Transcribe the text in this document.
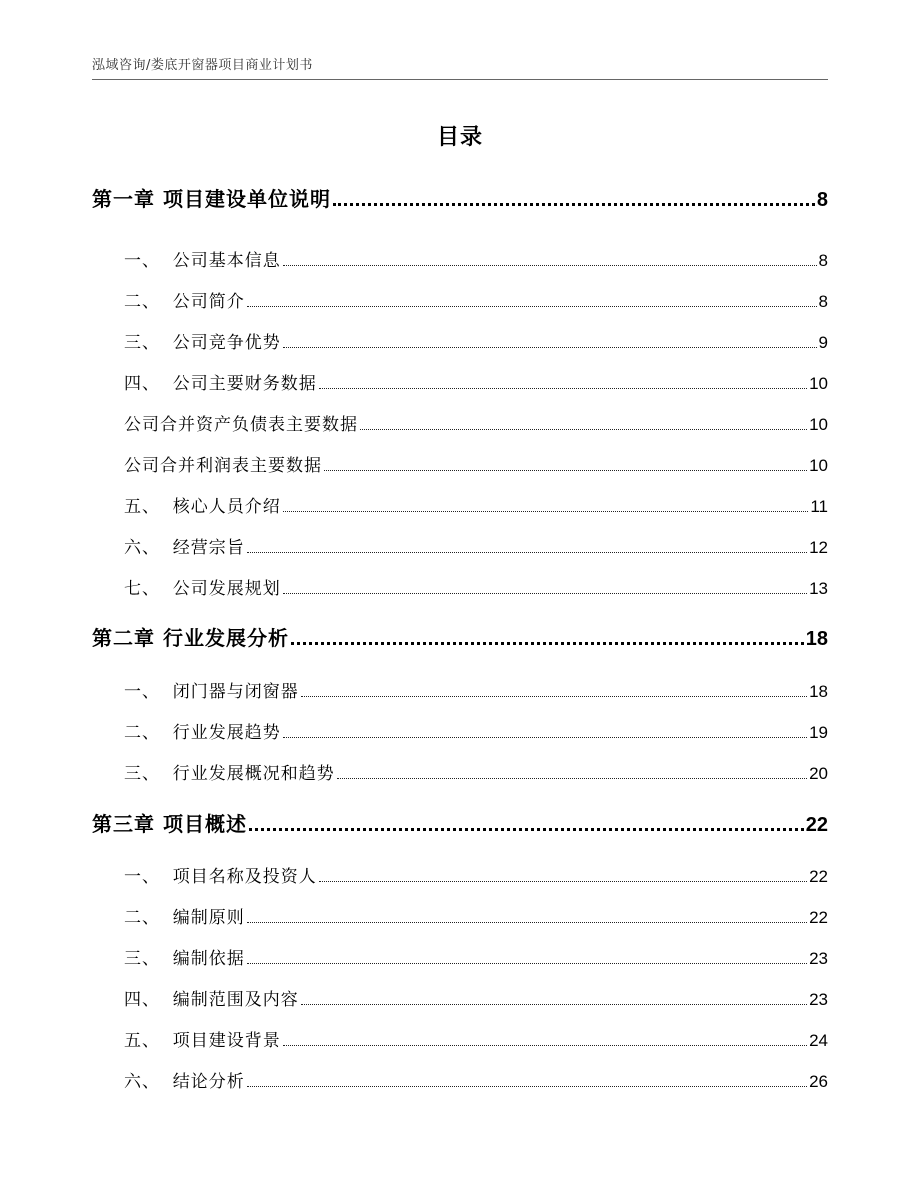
泓域咨询/娄底开窗器项目商业计划书
目录
第一章 项目建设单位说明	8
一、  公司基本信息	8
二、  公司简介	8
三、  公司竞争优势	9
四、  公司主要财务数据	10
公司合并资产负债表主要数据	10
公司合并利润表主要数据	10
五、  核心人员介绍	11
六、  经营宗旨	12
七、  公司发展规划	13
第二章 行业发展分析	18
一、  闭门器与闭窗器	18
二、  行业发展趋势	19
三、  行业发展概况和趋势	20
第三章 项目概述	22
一、  项目名称及投资人	22
二、  编制原则	22
三、  编制依据	23
四、  编制范围及内容	23
五、  项目建设背景	24
六、  结论分析	26
